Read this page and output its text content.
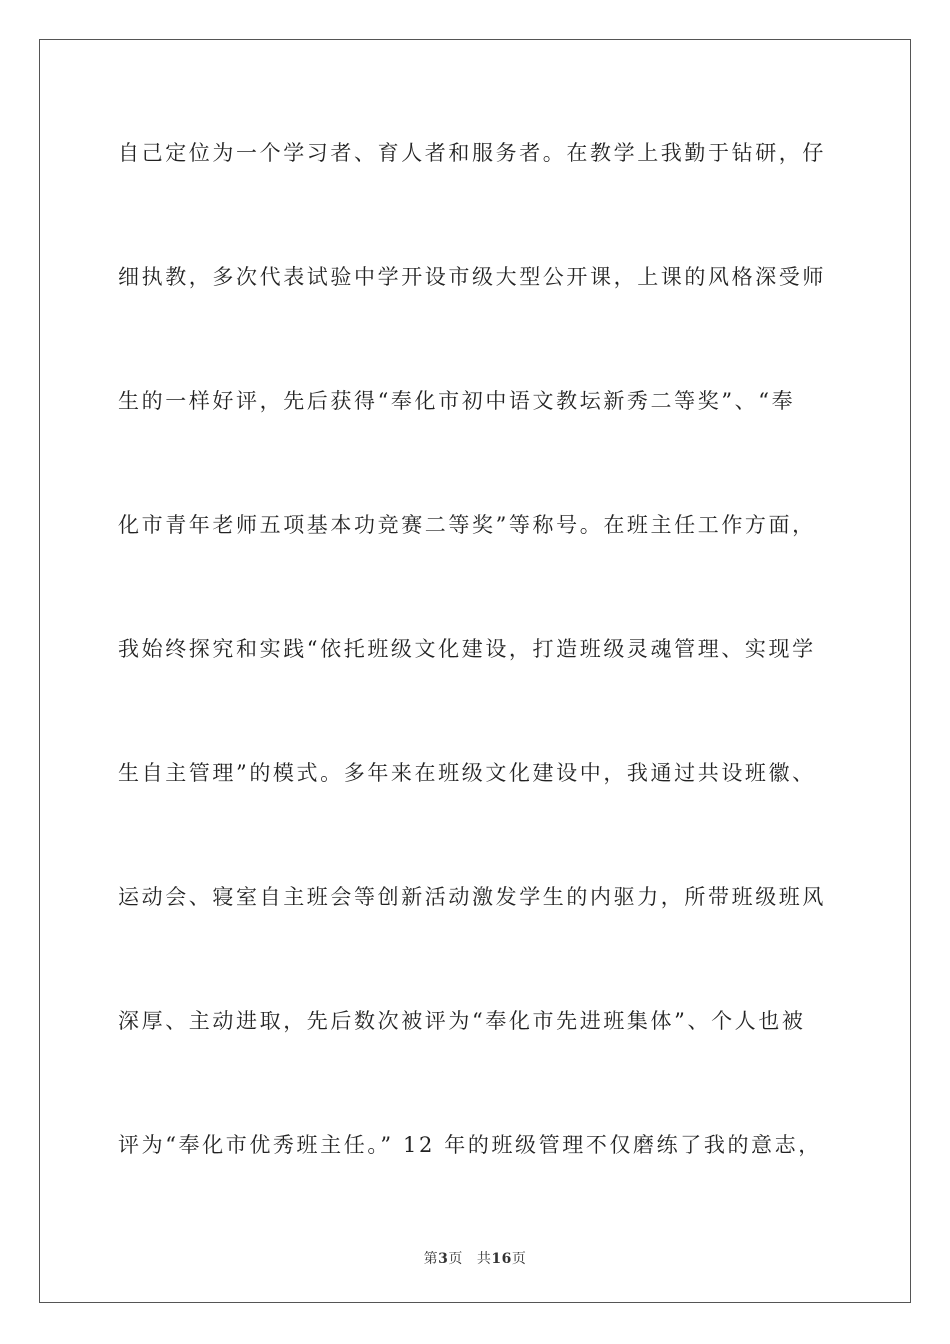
自己定位为一个学习者、育人者和服务者。在教学上我勤于钻研，仔
细执教，多次代表试验中学开设市级大型公开课，上课的风格深受师
生的一样好评，先后获得“奉化市初中语文教坛新秀二等奖”、“奉
化市青年老师五项基本功竞赛二等奖”等称号。在班主任工作方面，
我始终探究和实践“依托班级文化建设，打造班级灵魂管理、实现学
生自主管理”的模式。多年来在班级文化建设中，我通过共设班徽、
运动会、寝室自主班会等创新活动激发学生的内驱力，所带班级班风
深厚、主动进取，先后数次被评为“奉化市先进班集体”、个人也被
评为“奉化市优秀班主任。” 12 年的班级管理不仅磨练了我的意志，
第3页 共16页
